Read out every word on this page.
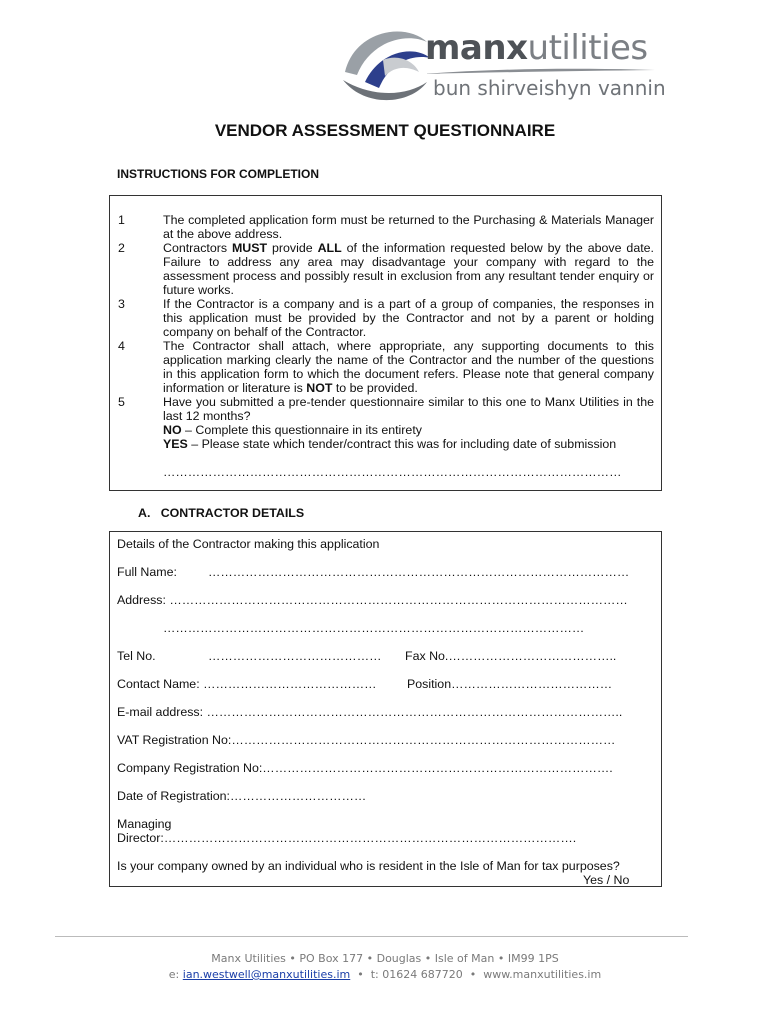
manxutilities
bun shirveishyn vannin
VENDOR ASSESSMENT QUESTIONNAIRE
INSTRUCTIONS FOR COMPLETION
1	The completed application form must be returned to the Purchasing & Materials Manager at the above address.
2	Contractors MUST provide ALL of the information requested below by the above date. Failure to address any area may disadvantage your company with regard to the assessment process and possibly result in exclusion from any resultant tender enquiry or future works.
3	If the Contractor is a company and is a part of a group of companies, the responses in this application must be provided by the Contractor and not by a parent or holding company on behalf of the Contractor.
4	The Contractor shall attach, where appropriate, any supporting documents to this application marking clearly the name of the Contractor and the number of the questions in this application form to which the document refers. Please note that general company information or literature is NOT to be provided.
5	Have you submitted a pre-tender questionnaire similar to this one to Manx Utilities in the last 12 months?
NO – Complete this questionnaire in its entirety
YES – Please state which tender/contract this was for including date of submission
…………………………………………………………………………………………………
A.   CONTRACTOR DETAILS
Details of the Contractor making this application
Full Name:	…………………………………………………………………………………………
Address: …………………………………………………………………………………………………
…………………………………………………………………………………………
Tel No.	…………………………………… Fax No.…………………………………..
Contact Name: …………………………………… Position…………………………………
E-mail address: ………………………………………………………………………………………..
VAT Registration No:…………………………………………………………………………………
Company Registration No:………………………………………………………………………….
Date of Registration:……………………………
Managing
Director:……………………………………………………………………………………….
Is your company owned by an individual who is resident in the Isle of Man for tax purposes?
Yes / No
Manx Utilities • PO Box 177 • Douglas • Isle of Man • IM99 1PS
e: ian.westwell@manxutilities.im  •  t: 01624 687720  •  www.manxutilities.im
